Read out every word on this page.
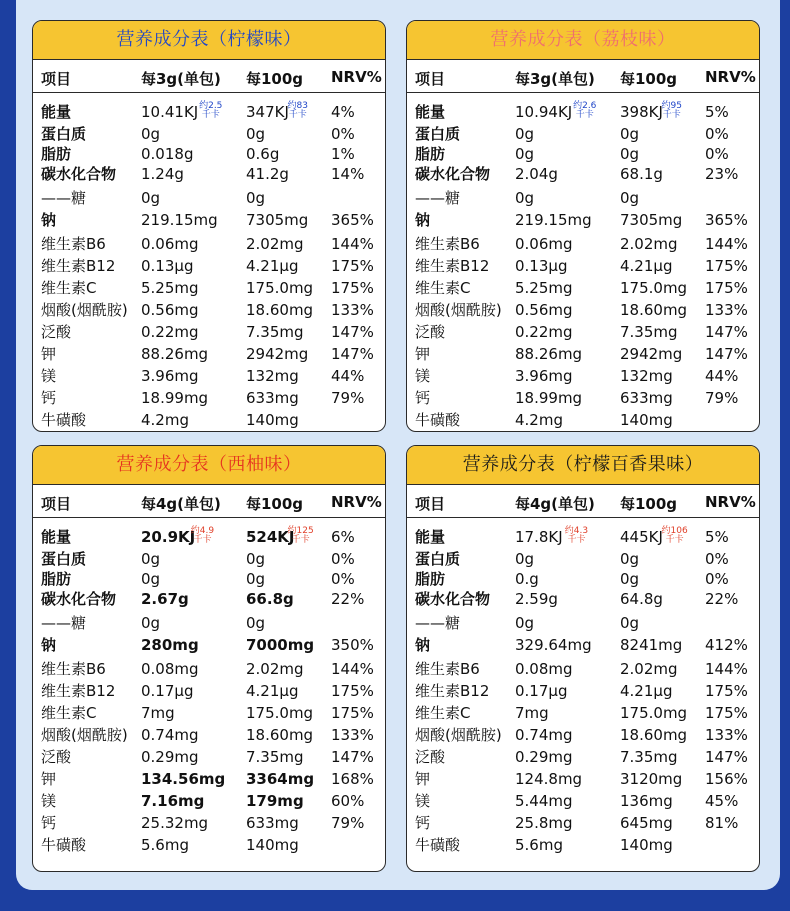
营养成分表（柠檬味）
项目	每3g(单包) 每100g NRV%
能量	10.41KJ	347KJ	4%
约2.5
千卡
约83
千卡
蛋白质	0g	0g	0%
脂肪	0.018g	0.6g	1%
碳水化合物 1.24g	41.2g	14%
——糖	0g	0g
钠	219.15mg 7305mg 365%
维生素B6 0.06mg	2.02mg 144%
维生素B12 0.13μg	4.21μg 175%
维生素C	5.25mg	175.0mg 175%
烟酸(烟酰胺) 0.56mg	18.60mg 133%
泛酸	0.22mg	7.35mg 147%
钾	88.26mg	2942mg 147%
镁	3.96mg	132mg 44%
钙	18.99mg	633mg 79%
牛磺酸	4.2mg	140mg
营养成分表（荔枝味）
项目	每3g(单包) 每100g NRV%
能量	10.94KJ	398KJ	5%
约2.6
千卡
约95
千卡
蛋白质	0g	0g	0%
脂肪	0g	0g	0%
碳水化合物 2.04g	68.1g	23%
——糖	0g	0g
钠	219.15mg 7305mg 365%
维生素B6 0.06mg	2.02mg 144%
维生素B12 0.13μg	4.21μg 175%
维生素C	5.25mg	175.0mg 175%
烟酸(烟酰胺) 0.56mg	18.60mg 133%
泛酸	0.22mg	7.35mg 147%
钾	88.26mg	2942mg 147%
镁	3.96mg	132mg 44%
钙	18.99mg	633mg 79%
牛磺酸	4.2mg	140mg
营养成分表（西柚味）
项目	每4g(单包) 每100g NRV%
能量	20.9KJ	524KJ 6%
约4.9
千卡
约125
千卡
蛋白质	0g	0g	0%
脂肪	0g	0g	0%
碳水化合物 2.67g	66.8g 22%
——糖	0g	0g
钠	280mg	7000mg 350%
维生素B6 0.08mg	2.02mg 144%
维生素B12 0.17μg	4.21μg 175%
维生素C	7mg	175.0mg 175%
烟酸(烟酰胺) 0.74mg	18.60mg 133%
泛酸	0.29mg	7.35mg 147%
钾	134.56mg 3364mg 168%
镁	7.16mg	179mg 60%
钙	25.32mg	633mg 79%
牛磺酸	5.6mg	140mg
营养成分表（柠檬百香果味）
项目	每4g(单包) 每100g NRV%
能量	17.8KJ	445KJ	5%
约4.3
千卡
约106
千卡
蛋白质	0g	0g	0%
脂肪	0.g	0g	0%
碳水化合物 2.59g	64.8g	22%
——糖	0g	0g
钠	329.64mg 8241mg 412%
维生素B6 0.08mg	2.02mg 144%
维生素B12 0.17μg	4.21μg 175%
维生素C	7mg	175.0mg 175%
烟酸(烟酰胺) 0.74mg	18.60mg 133%
泛酸	0.29mg	7.35mg 147%
钾	124.8mg	3120mg 156%
镁	5.44mg	136mg 45%
钙	25.8mg	645mg 81%
牛磺酸	5.6mg	140mg
